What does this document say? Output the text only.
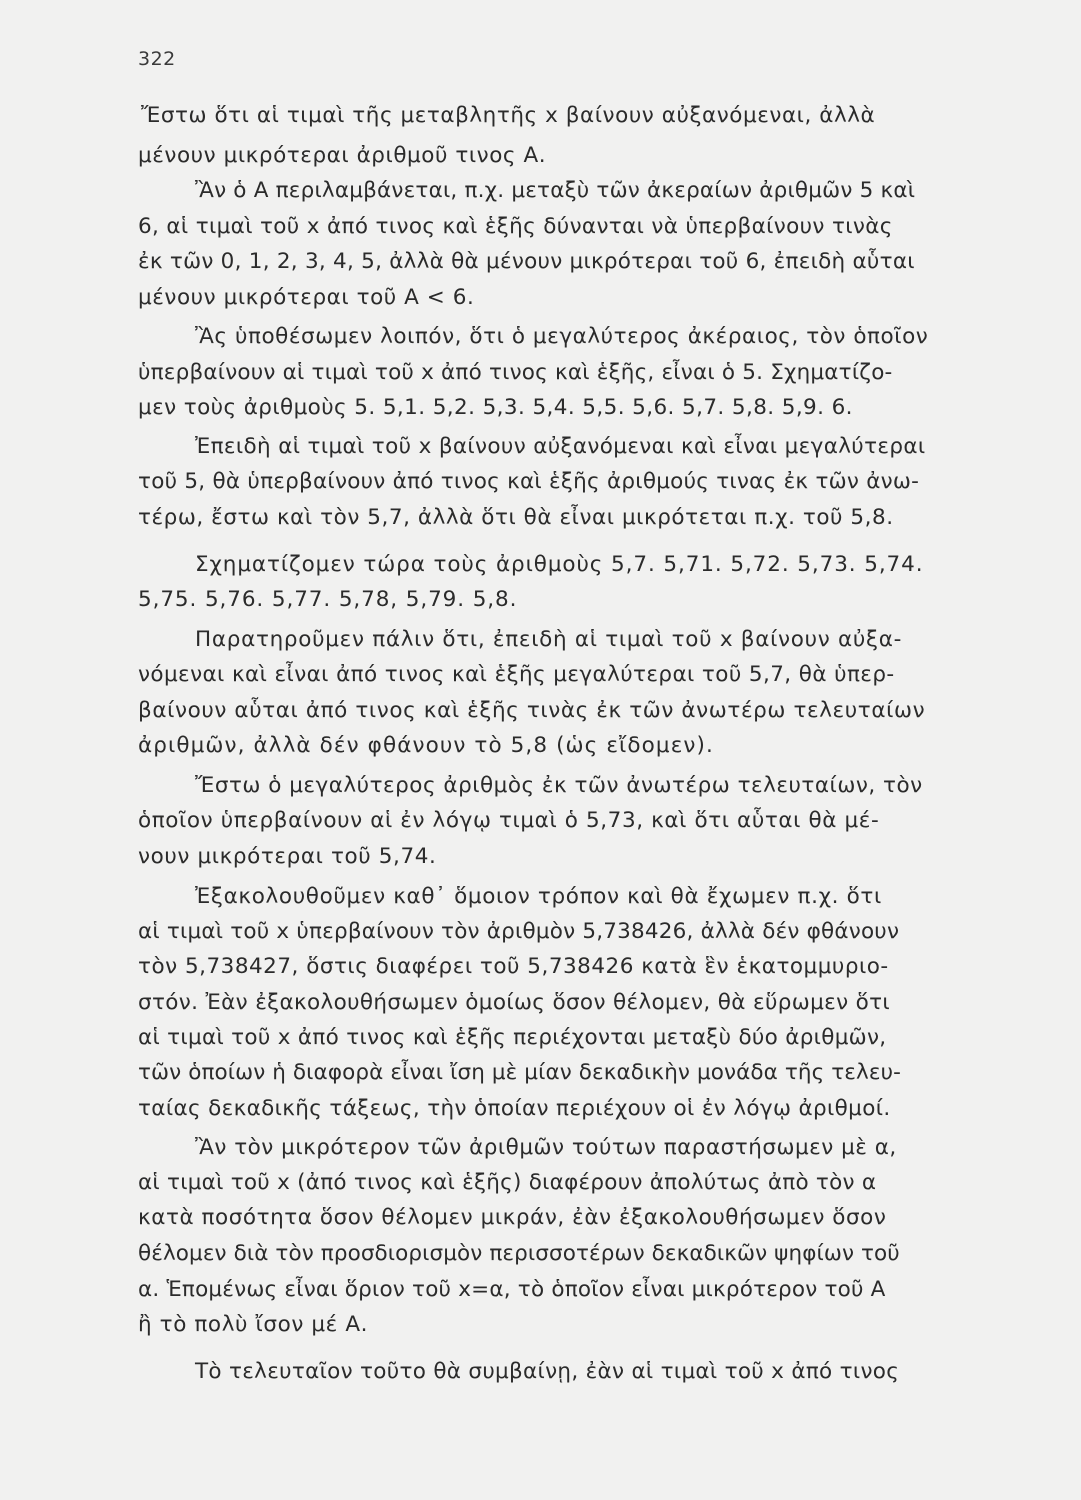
322
Ἔστω ὅτι αἱ τιμαὶ τῆς μεταβλητῆς x βαίνουν αὐξανόμεναι, ἀλλὰ
μένουν μικρότεραι ἀριθμοῦ τινος Α.
Ἂν ὁ Α περιλαμβάνεται, π.χ. μεταξὺ τῶν ἀκεραίων ἀριθμῶν 5 καὶ
6, αἱ τιμαὶ τοῦ x ἀπό τινος καὶ ἑξῆς δύνανται νὰ ὑπερβαίνουν τινὰς
ἐκ τῶν 0, 1, 2, 3, 4, 5, ἀλλὰ θὰ μένουν μικρότεραι τοῦ 6, ἐπειδὴ αὗται
μένουν μικρότεραι τοῦ Α < 6.
Ἂς ὑποθέσωμεν λοιπόν, ὅτι ὁ μεγαλύτερος ἀκέραιος, τὸν ὁποῖον
ὑπερβαίνουν αἱ τιμαὶ τοῦ x ἀπό τινος καὶ ἑξῆς, εἶναι ὁ 5. Σχηματίζο-
μεν τοὺς ἀριθμοὺς 5. 5,1. 5,2. 5,3. 5,4. 5,5. 5,6. 5,7. 5,8. 5,9. 6.
Ἐπειδὴ αἱ τιμαὶ τοῦ x βαίνουν αὐξανόμεναι καὶ εἶναι μεγαλύτεραι
τοῦ 5, θὰ ὑπερβαίνουν ἀπό τινος καὶ ἑξῆς ἀριθμούς τινας ἐκ τῶν ἀνω-
τέρω, ἔστω καὶ τὸν 5,7, ἀλλὰ ὅτι θὰ εἶναι μικρότεται π.χ. τοῦ 5,8.
Σχηματίζομεν τώρα τοὺς ἀριθμοὺς 5,7. 5,71. 5,72. 5,73. 5,74.
5,75. 5,76. 5,77. 5,78, 5,79. 5,8.
Παρατηροῦμεν πάλιν ὅτι, ἐπειδὴ αἱ τιμαὶ τοῦ x βαίνουν αὐξα-
νόμεναι καὶ εἶναι ἀπό τινος καὶ ἑξῆς μεγαλύτεραι τοῦ 5,7, θὰ ὑπερ-
βαίνουν αὗται ἀπό τινος καὶ ἑξῆς τινὰς ἐκ τῶν ἀνωτέρω τελευταίων
ἀριθμῶν, ἀλλὰ δέν φθάνουν τὸ 5,8 (ὡς εἴδομεν).
Ἔστω ὁ μεγαλύτερος ἀριθμὸς ἐκ τῶν ἀνωτέρω τελευταίων, τὸν
ὁποῖον ὑπερβαίνουν αἱ ἐν λόγῳ τιμαὶ ὁ 5,73, καὶ ὅτι αὗται θὰ μέ-
νουν μικρότεραι τοῦ 5,74.
Ἐξακολουθοῦμεν καθ᾽ ὅμοιον τρόπον καὶ θὰ ἔχωμεν π.χ. ὅτι
αἱ τιμαὶ τοῦ x ὑπερβαίνουν τὸν ἀριθμὸν 5,738426, ἀλλὰ δέν φθάνουν
τὸν 5,738427, ὅστις διαφέρει τοῦ 5,738426 κατὰ ἓν ἑκατομμυριο-
στόν. Ἐὰν ἐξακολουθήσωμεν ὁμοίως ὅσον θέλομεν, θὰ εὕρωμεν ὅτι
αἱ τιμαὶ τοῦ x ἀπό τινος καὶ ἑξῆς περιέχονται μεταξὺ δύο ἀριθμῶν,
τῶν ὁποίων ἡ διαφορὰ εἶναι ἴση μὲ μίαν δεκαδικὴν μονάδα τῆς τελευ-
ταίας δεκαδικῆς τάξεως, τὴν ὁποίαν περιέχουν οἱ ἐν λόγῳ ἀριθμοί.
Ἂν τὸν μικρότερον τῶν ἀριθμῶν τούτων παραστήσωμεν μὲ α,
αἱ τιμαὶ τοῦ x (ἀπό τινος καὶ ἑξῆς) διαφέρουν ἀπολύτως ἀπὸ τὸν α
κατὰ ποσότητα ὅσον θέλομεν μικράν, ἐὰν ἐξακολουθήσωμεν ὅσον
θέλομεν διὰ τὸν προσδιορισμὸν περισσοτέρων δεκαδικῶν ψηφίων τοῦ
α. Ἑπομένως εἶναι ὅριον τοῦ x=α, τὸ ὁποῖον εἶναι μικρότερον τοῦ Α
ἢ τὸ πολὺ ἴσον μέ Α.
Τὸ τελευταῖον τοῦτο θὰ συμβαίνῃ, ἐὰν αἱ τιμαὶ τοῦ x ἀπό τινος
